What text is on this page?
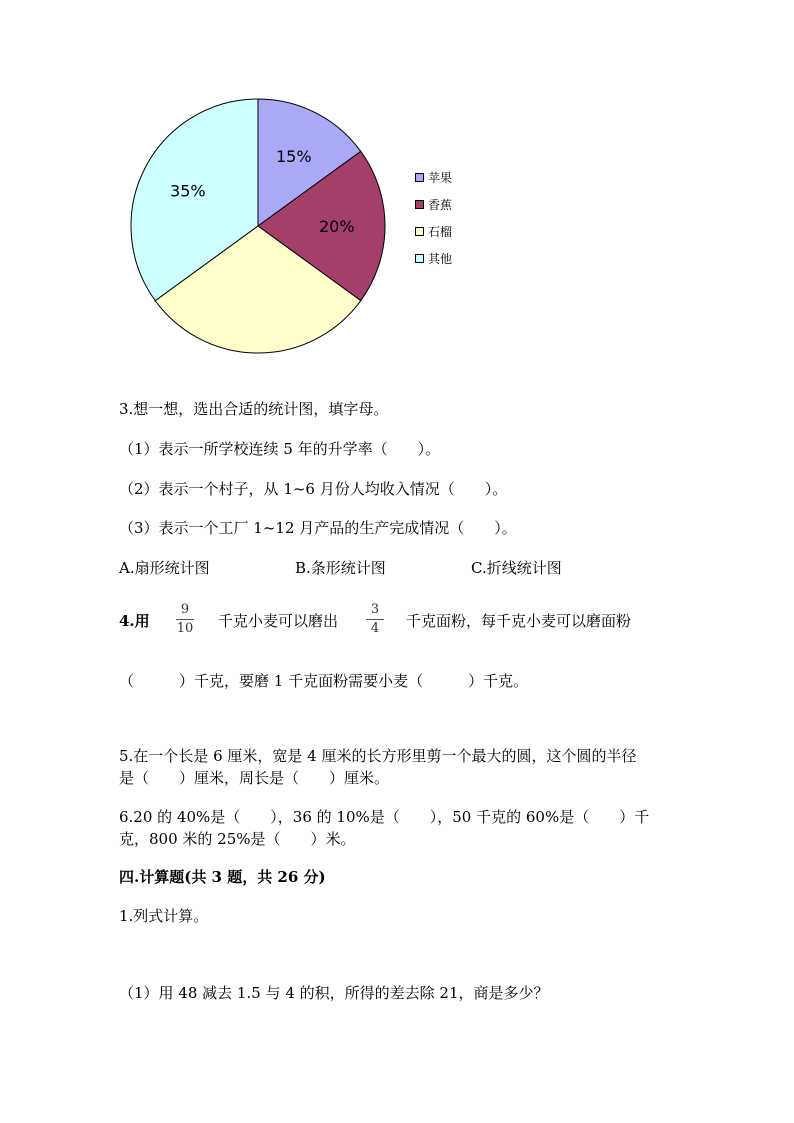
15%
20%
35%
苹果
香蕉
石榴
其他
3.想一想，选出合适的统计图，填字母。
（1）表示一所学校连续 5 年的升学率（　　）。
（2）表示一个村子，从 1~6 月份人均收入情况（　　）。
（3）表示一个工厂 1~12 月产品的生产完成情况（　　）。
A.扇形统计图	B.条形统计图	C.折线统计图
4.用
9
10 千克小麦可以磨出
3
4	千克面粉，每千克小麦可以磨面粉
（　　　）千克，要磨 1 千克面粉需要小麦（　　　）千克。
5.在一个长是 6 厘米，宽是 4 厘米的长方形里剪一个最大的圆，这个圆的半径
是（　　）厘米，周长是（　　）厘米。
6.20 的 40%是（　　），36 的 10%是（　　），50 千克的 60%是（　　）千
克，800 米的 25%是（　　）米。
四.计算题(共 3 题，共 26 分)
1.列式计算。
（1）用 48 减去 1.5 与 4 的积，所得的差去除 21，商是多少？
